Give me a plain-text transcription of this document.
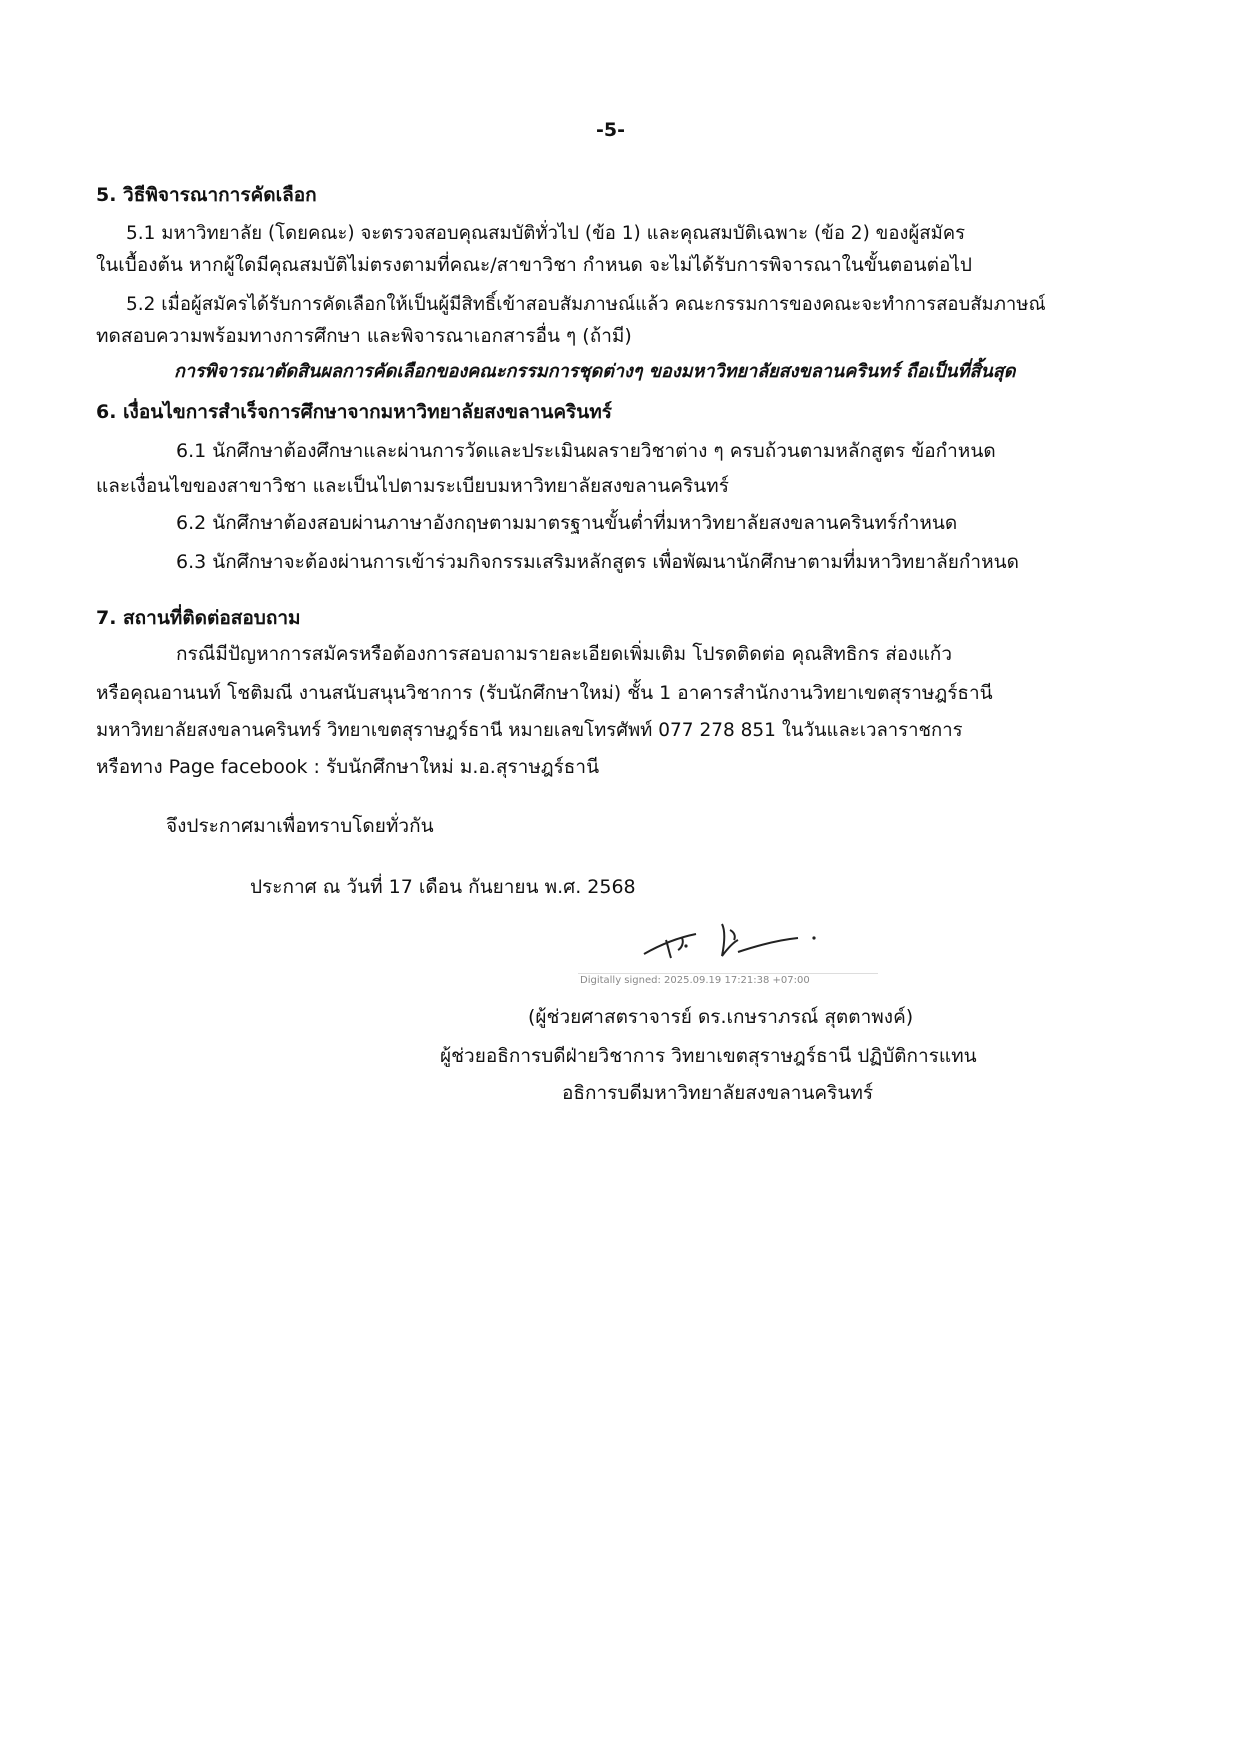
-5-
5. วิธีพิจารณาการคัดเลือก
5.1 มหาวิทยาลัย (โดยคณะ) จะตรวจสอบคุณสมบัติทั่วไป (ข้อ 1) และคุณสมบัติเฉพาะ (ข้อ 2) ของผู้สมัคร
ในเบื้องต้น หากผู้ใดมีคุณสมบัติไม่ตรงตามที่คณะ/สาขาวิชา กำหนด จะไม่ได้รับการพิจารณาในขั้นตอนต่อไป
5.2 เมื่อผู้สมัครได้รับการคัดเลือกให้เป็นผู้มีสิทธิ์เข้าสอบสัมภาษณ์แล้ว คณะกรรมการของคณะจะทำการสอบสัมภาษณ์
ทดสอบความพร้อมทางการศึกษา และพิจารณาเอกสารอื่น ๆ (ถ้ามี)
การพิจารณาตัดสินผลการคัดเลือกของคณะกรรมการชุดต่างๆ ของมหาวิทยาลัยสงขลานครินทร์ ถือเป็นที่สิ้นสุด
6. เงื่อนไขการสำเร็จการศึกษาจากมหาวิทยาลัยสงขลานครินทร์
6.1 นักศึกษาต้องศึกษาและผ่านการวัดและประเมินผลรายวิชาต่าง ๆ ครบถ้วนตามหลักสูตร ข้อกำหนด
และเงื่อนไขของสาขาวิชา และเป็นไปตามระเบียบมหาวิทยาลัยสงขลานครินทร์
6.2 นักศึกษาต้องสอบผ่านภาษาอังกฤษตามมาตรฐานขั้นต่ำที่มหาวิทยาลัยสงขลานครินทร์กำหนด
6.3 นักศึกษาจะต้องผ่านการเข้าร่วมกิจกรรมเสริมหลักสูตร เพื่อพัฒนานักศึกษาตามที่มหาวิทยาลัยกำหนด
7. สถานที่ติดต่อสอบถาม
กรณีมีปัญหาการสมัครหรือต้องการสอบถามรายละเอียดเพิ่มเติม โปรดติดต่อ คุณสิทธิกร ส่องแก้ว
หรือคุณอานนท์ โชติมณี งานสนับสนุนวิชาการ (รับนักศึกษาใหม่) ชั้น 1 อาคารสำนักงานวิทยาเขตสุราษฎร์ธานี
มหาวิทยาลัยสงขลานครินทร์ วิทยาเขตสุราษฎร์ธานี หมายเลขโทรศัพท์ 077 278 851 ในวันและเวลาราชการ
หรือทาง Page facebook : รับนักศึกษาใหม่ ม.อ.สุราษฎร์ธานี
จึงประกาศมาเพื่อทราบโดยทั่วกัน
ประกาศ ณ วันที่ 17 เดือน กันยายน พ.ศ. 2568
Digitally signed: 2025.09.19 17:21:38 +07:00
(ผู้ช่วยศาสตราจารย์ ดร.เกษราภรณ์ สุตตาพงค์)
ผู้ช่วยอธิการบดีฝ่ายวิชาการ วิทยาเขตสุราษฎร์ธานี ปฏิบัติการแทน
อธิการบดีมหาวิทยาลัยสงขลานครินทร์
